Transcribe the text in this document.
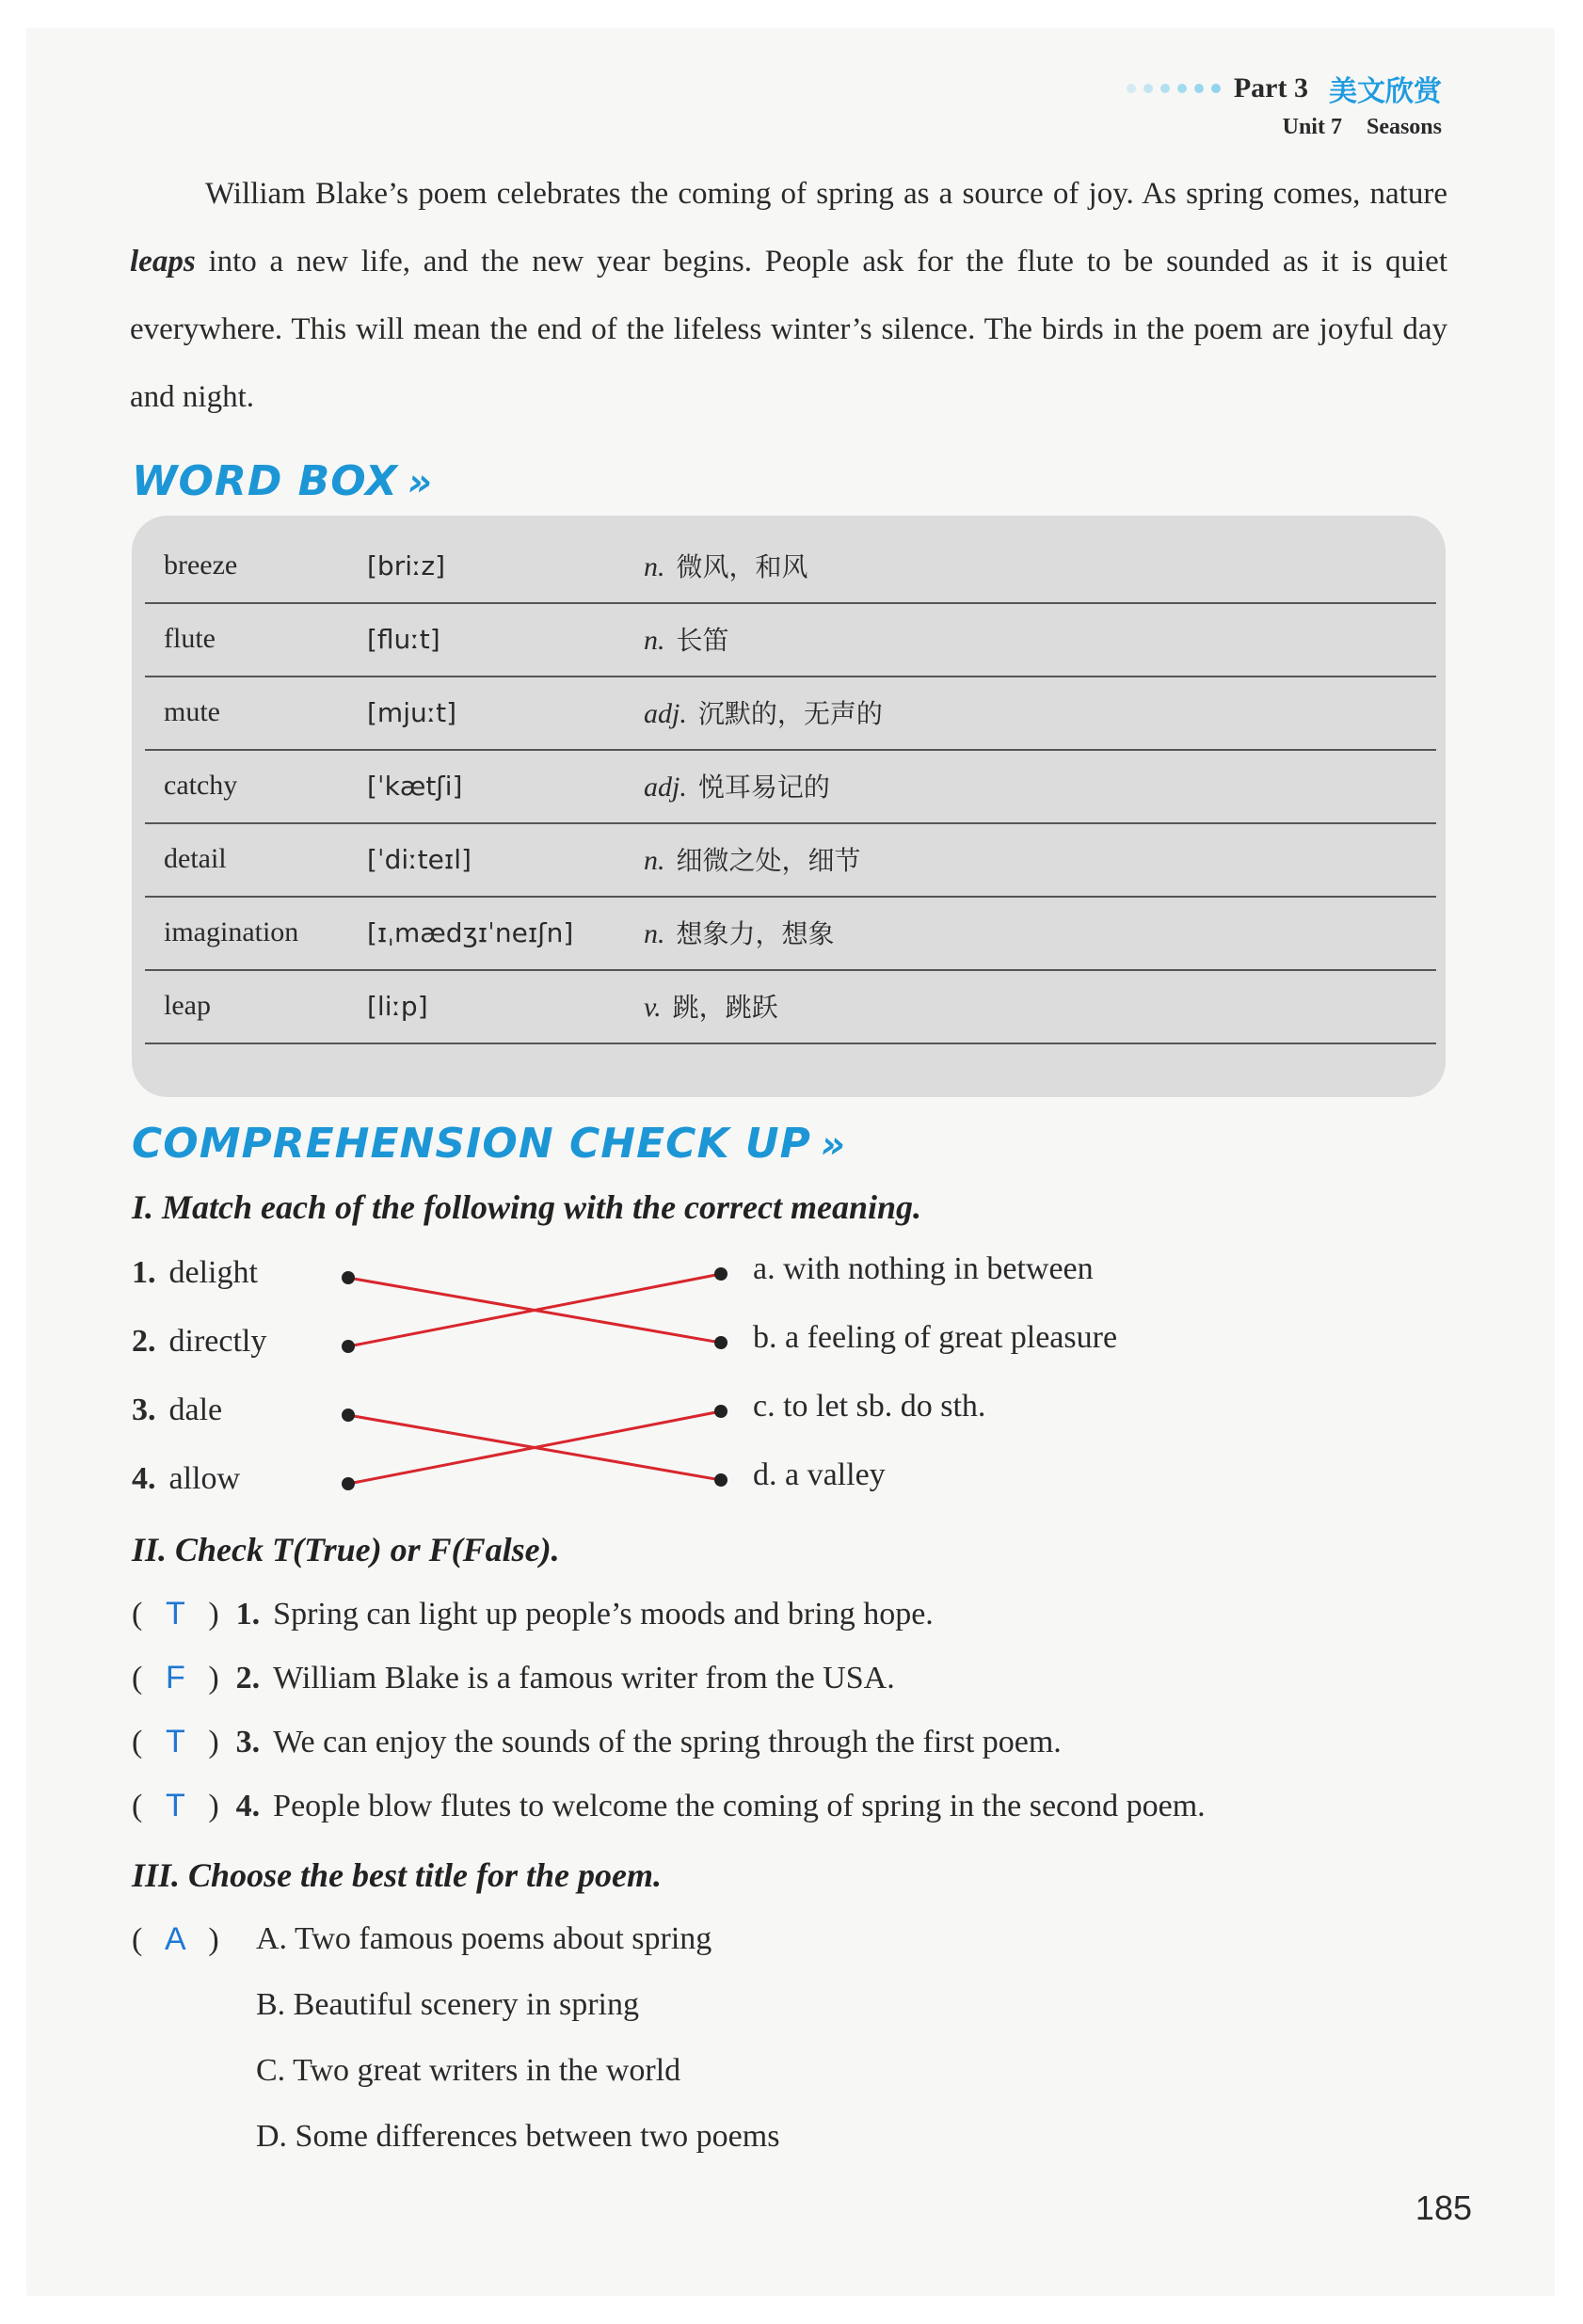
Part 3 美文欣赏
Unit 7 Seasons
William Blake’s poem celebrates the coming of spring as a source of joy. As spring comes, nature leaps into a new life, and the new year begins. People ask for the flute to be sounded as it is quiet everywhere. This will mean the end of the lifeless winter’s silence. The birds in the poem are joyful day and night.
WORD BOX »
breeze	[briːz]	n. 微风，和风
flute	[fluːt]	n. 长笛
mute	[mjuːt]	adj. 沉默的，无声的
catchy	[ˈkætʃi]	adj. 悦耳易记的
detail	[ˈdiːteɪl]	n. 细微之处，细节
imagination	[ɪˌmædʒɪˈneɪʃn] n. 想象力，想象
leap	[liːp]	v. 跳，跳跃
COMPREHENSION CHECK UP »
I. Match each of the following with the correct meaning.
1. delight
2. directly
3. dale
4. allow
a. with nothing in between
b. a feeling of great pleasure
c. to let sb. do sth.
d. a valley
II. Check T(True) or F(False).
( T ) 1. Spring can light up people’s moods and bring hope.
( F ) 2. William Blake is a famous writer from the USA.
( T ) 3. We can enjoy the sounds of the spring through the first poem.
( T ) 4. People blow flutes to welcome the coming of spring in the second poem.
III. Choose the best title for the poem.
( A ) A. Two famous poems about spring
B. Beautiful scenery in spring
C. Two great writers in the world
D. Some differences between two poems
185
